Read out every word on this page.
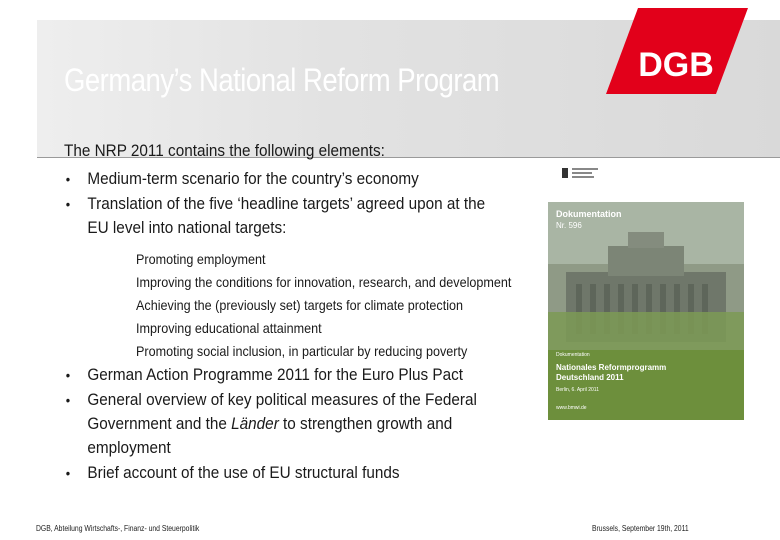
Germany’s National Reform Program	DGB
The NRP 2011 contains the following elements:
• Medium-term scenario for the country’s economy
• Translation of the five ‘headline targets’ agreed upon at the
EU level into national targets:
Promoting employment
Improving the conditions for innovation, research, and development
Achieving the (previously set) targets for climate protection
Improving educational attainment
Promoting social inclusion, in particular by reducing poverty
• German Action Programme 2011 for the Euro Plus Pact
• General overview of key political measures of the Federal
Government and the Länder to strengthen growth and
employment
• Brief account of the use of EU structural funds
Dokumentation
Nr. 596
Dokumentation
Nationales Reformprogramm
Deutschland 2011
Berlin, 6. April 2011
www.bmwi.de
DGB, Abteilung Wirtschafts-, Finanz- und Steuerpolitik	Brussels, September 19th, 2011
